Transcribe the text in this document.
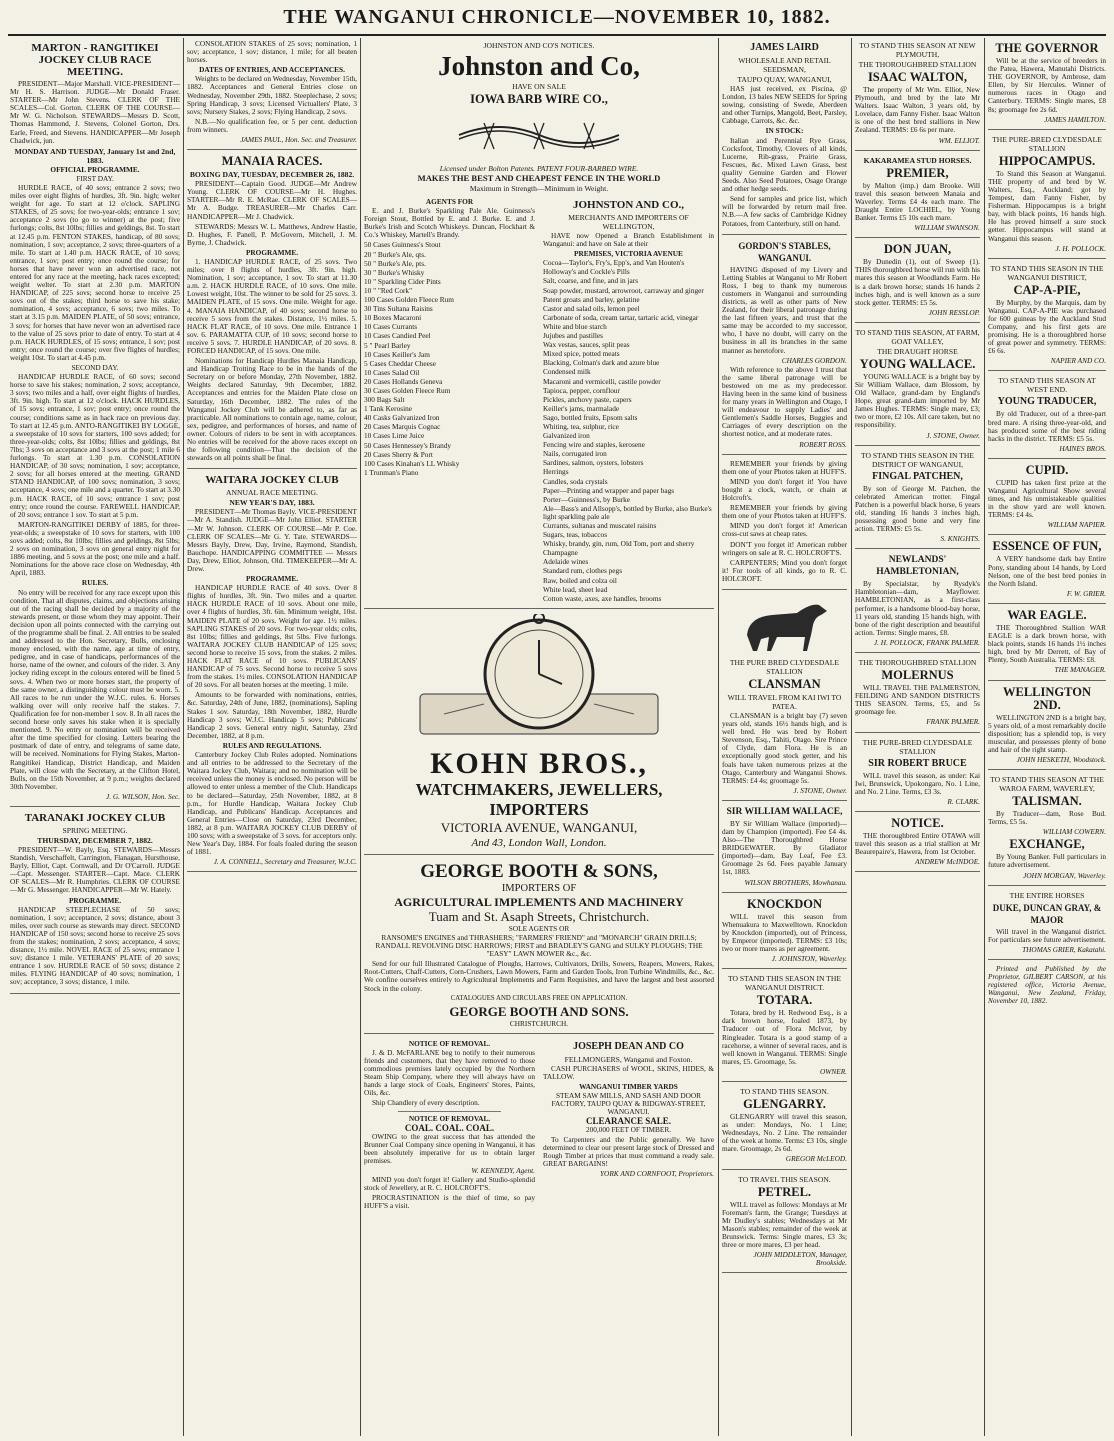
THE WANGANUI CHRONICLE—NOVEMBER 10, 1882.
MARTON - RANGITIKEI JOCKEY CLUB RACE MEETING.

PRESIDENT—Major Marshall. VICE-PRESIDENT—Mr H. S. Harrison. JUDGE—Mr Donald Fraser. STARTER—Mr John Stevens. CLERK OF THE SCALES—Col. Gorton. CLERK OF THE COURSE—Mr W. G. Nicholson. STEWARDS—Messrs D. Scott, Thomas Hammond, J. Stevens, Colonel Gorton, Drs. Earle, Freed, and Stevens. HANDICAPPER—Mr Joseph Chadwick, jun.

MONDAY AND TUESDAY, January 1st and 2nd, 1883.
OFFICIAL PROGRAMME.
FIRST DAY.

HURDLE RACE, of 40 sovs; entrance 2 sovs; two miles over eight flights of hurdles, 3ft. 9in. high; welter weight for age. To start at 12 o'clock. SAPLING STAKES, of 25 sovs; for two-year-olds; entrance 1 sov; acceptance 2 sovs (to go to winner) at the post; five furlongs; colts, 8st 10lbs; fillies and geldings, 8st. To start at 12.45 p.m. FENTON STAKES, handicap, of 80 sovs; nomination, 1 sov; acceptance, 2 sovs; three-quarters of a mile. To start at 1.40 p.m. HACK RACE, of 10 sovs; entrance, 1 sov; post entry; once round the course; for horses that have never won an advertised race, not entered for any race at the meeting, hack races excepted; weight welter. To start at 2.30 p.m. MARTON HANDICAP, of 225 sovs; second horse to receive 25 sovs out of the stakes; third horse to save his stake; nomination, 4 sovs; acceptance, 6 sovs; two miles. To start at 3.15 p.m. MAIDEN PLATE, of 50 sovs; entrance, 3 sovs; for horses that have never won an advertised race to the value of 25 sovs prior to date of entry. To start at 4 p.m. HACK HURDLES, of 15 sovs; entrance, 1 sov; post entry; once round the course; over five flights of hurdles; weight 10st. To start at 4.45 p.m.

SECOND DAY.

HANDICAP HURDLE RACE, of 60 sovs; second horse to save his stakes; nomination, 2 sovs; acceptance, 3 sovs; two miles and a half, over eight flights of hurdles, 3ft. 9in. high. To start at 12 o'clock. HACK HURDLES, of 15 sovs; entrance, 1 sov; post entry; once round the course; conditions same as in hack race on previous day. To start at 12.45 p.m. ANTO-RANGITIKEI BY LOGGE, a sweepstake of 10 sovs for starters, 100 sovs added; for three-year-olds; colts, 8st 10lbs; fillies and geldings, 8st 7lbs; 3 sovs on acceptance and 3 sovs at the post; 1 mile 6 furlongs. To start at 1.30 p.m. CONSOLATION HANDICAP, of 30 sovs; nomination, 1 sov; acceptance, 2 sovs; for all horses entered at the meeting. GRAND STAND HANDICAP, of 100 sovs; nomination, 3 sovs; acceptance, 4 sovs; one mile and a quarter. To start at 3.30 p.m. HACK RACE, of 10 sovs; entrance 1 sov; post entry; once round the course. FAREWELL HANDICAP, of 20 sovs; entrance 1 sov. To start at 5 p.m.

MARTON-RANGITIKEI DERBY of 1885, for three-year-olds; a sweepstake of 10 sovs for starters, with 100 sovs added; colts, 8st 10lbs; fillies and geldings, 8st 5lbs; 2 sovs on nomination, 3 sovs on general entry night for 1886 meeting, and 5 sovs at the post; one mile and a half. Nominations for the above race close on Wednesday, 4th April, 1883.

RULES.

No entry will be received for any race except upon this condition, That all disputes, claims, and objections arising out of the racing shall be decided by a majority of the stewards present, or those whom they may appoint. Their decision upon all points connected with the carrying out of the programme shall be final. 2. All entries to be sealed and addressed to the Hon. Secretary, Bulls, enclosing money enclosed, with the name, age at time of entry, pedigree, and in case of handicaps, performances of the horse, name of the owner, and colours of the rider. 3. Any jockey riding except in the colours entered will be fined 5 sovs. 4. When two or more horses start, the property of the same owner, a distinguishing colour must be worn. 5. All races to be run under the W.J.C. rules. 6. Horses walking over will only receive half the stakes. 7. Qualification fee for non-member 1 sov. 8. In all races the second horse only saves his stake when it is specially mentioned. 9. No entry or nomination will be received after the time specified for closing. Letters bearing the postmark of date of entry, and telegrams of same date, will be received. Nominations for Flying Stakes, Marton-Rangitikei Handicap, District Handicap, and Maiden Plate, will close with the Secretary, at the Clifton Hotel, Bulls, on the 15th November, at 9 p.m.; weights declared 30th November.

J. G. WILSON, Hon. Sec.
TARANAKI JOCKEY CLUB
SPRING MEETING.
THURSDAY, DECEMBER 7, 1882.

PRESIDENT—W. Bayly, Esq. STEWARDS—Messrs Standish, Verschaffelt, Carrington, Flanagan, Hursthouse, Bayly, Elliot, Capt. Cornwall, and Dr O'Carroll. JUDGE—Capt. Messenger. STARTER—Capt. Mace. CLERK OF SCALES—Mr R. Humphries. CLERK OF COURSE—Mr G. Messenger. HANDICAPPER—Mr W. Hately.

PROGRAMME.

HANDICAP STEEPLECHASE of 50 sovs; nomination, 1 sov; acceptance, 2 sovs; distance, about 3 miles, over such course as stewards may direct. SECOND HANDICAP of 150 sovs; second horse to receive 25 sovs from the stakes; nomination, 2 sovs; acceptance, 4 sovs; distance, 1½ mile. NOVEL RACE of 25 sovs; entrance 1 sov; distance 1 mile. VETERANS' PLATE of 20 sovs; entrance 1 sov. HURDLE RACE of 50 sovs; distance 2 miles. FLYING HANDICAP of 40 sovs; nomination, 1 sov; acceptance, 3 sovs; distance, 1 mile.

CONSOLATION STAKES of 25 sovs; nomination, 1 sov; acceptance, 1 sov; distance, 1 mile; for all beaten horses.

DATES OF ENTRIES, AND ACCEPTANCES.

Weights to be declared on Wednesday, November 15th, 1882. Acceptances and General Entries close on Wednesday, November 29th, 1882. Steeplechase, 2 sovs; Spring Handicap, 3 sovs; Licensed Victuallers' Plate, 3 sovs; Nursery Stakes, 2 sovs; Flying Handicap, 2 sovs.

N.B.—No qualification fee, or 5 per cent. deduction from winners.

JAMES PAUL, Hon. Sec. and Treasurer.
MANAIA RACES.
BOXING DAY, TUESDAY, DECEMBER 26, 1882.

PRESIDENT—Captain Good. JUDGE—Mr Andrew Young. CLERK OF COURSE—Mr H. Hughes. STARTER—Mr R. E. McRae. CLERK OF SCALES—Mr A. Budge. TREASURER—Mr Charles Carr. HANDICAPPER—Mr J. Chadwick.

STEWARDS: Messrs W. L. Matthews, Andrew Hastie, D. Hughes, F. Panell, P. McGovern, Mitchell, J. M. Byrne, J. Chadwick.

PROGRAMME.

1. HANDICAP HURDLE RACE, of 25 sovs. Two miles; over 8 flights of hurdles, 3ft. 9in. high. Nomination, 1 sov; acceptance, 1 sov. To start at 11.30 a.m. 2. HACK HURDLE RACE, of 10 sovs. One mile. Lowest weight, 10st. The winner to be sold for 25 sovs. 3. MAIDEN PLATE, of 15 sovs. One mile. Weight for age. 4. MANAIA HANDICAP, of 40 sovs; second horse to receive 5 sovs from the stakes. Distance, 1½ miles. 5. HACK FLAT RACE, of 10 sovs. One mile. Entrance 1 sov. 6. PARAMATTA CUP, of 10 sovs; second horse to receive 5 sovs. 7. HURDLE HANDICAP, of 20 sovs. 8. FORCED HANDICAP, of 15 sovs. One mile.

Nominations for Handicap Hurdles Manaia Handicap, and Handicap Trotting Race to be in the hands of the Secretary on or before Monday, 27th November, 1882. Weights declared Saturday, 9th December, 1882. Acceptances and entries for the Maiden Plate close on Saturday, 16th December, 1882. The rules of the Wanganui Jockey Club will be adhered to, as far as practicable. All nominations to contain age, name, colour, sex, pedigree, and performances of horses, and name of owner. Colours of riders to be sent in with acceptances. No entries will be received for the above races except on the following condition—That the decision of the stewards on all points shall be final.

WAITARA JOCKEY CLUB
ANNUAL RACE MEETING.
NEW YEAR'S DAY, 1883.

PRESIDENT—Mr Thomas Bayly. VICE-PRESIDENT—Mr A. Standish. JUDGE—Mr John Elliot. STARTER—Mr W. Johnson. CLERK OF COURSE—Mr P. Coe. CLERK OF SCALES—Mr G. Y. Tate. STEWARDS—Messrs Bayly, Drew, Day, Irvine, Raymond, Standish, Bauchope. HANDICAPPING COMMITTEE — Messrs Day, Drew, Elliot, Johnson, Old. TIMEKEEPER—Mr A. Drew.

PROGRAMME.

HANDICAP HURDLE RACE of 40 sovs. Over 8 flights of hurdles, 3ft. 9in. Two miles and a quarter. HACK HURDLE RACE of 10 sovs. About one mile, over 4 flights of hurdles, 3ft. 6in. Minimum weight, 10st. MAIDEN PLATE of 20 sovs. Weight for age. 1½ miles. SAPLING STAKES of 20 sovs. For two-year olds; colts, 8st 10lbs; fillies and geldings, 8st 5lbs. Five furlongs. WAITARA JOCKEY CLUB HANDICAP of 125 sovs; second horse to receive 15 sovs, from the stakes. 2 miles. HACK FLAT RACE of 10 sovs. PUBLICANS' HANDICAP of 75 sovs. Second horse to receive 5 sovs from the stakes. 1½ miles. CONSOLATION HANDICAP of 20 sovs. For all beaten horses at the meeting. 1 mile.

Amounts to be forwarded with nominations, entries, &c. Saturday, 24th of June, 1882, (nominations), Sapling Stakes 1 sov. Saturday, 18th November, 1882, Hurdle Handicap 3 sovs; W.J.C. Handicap 5 sovs; Publicans' Handicap 2 sovs. General entry night, Saturday, 23rd December, 1882, at 8 p.m.

RULES AND REGULATIONS.

Canterbury Jockey Club Rules adopted. Nominations and all entries to be addressed to the Secretary of the Waitara Jockey Club, Waitara; and no nomination will be received unless the money is enclosed. No person will be allowed to enter unless a member of the Club. Handicaps to be declared—Saturday, 25th November, 1882, at 8 p.m., for Hurdle Handicap, Waitara Jockey Club Handicap, and Publicans' Handicap. Acceptances and General Entries—Close on Saturday, 23rd December, 1882, at 8 p.m. WAITARA JOCKEY CLUB DERBY of 100 sovs; with a sweepstake of 3 sovs. for acceptors only. New Year's Day, 1884. For foals foaled during the season of 1881.

J. A. CONNELL, Secretary and Treasurer, W.J.C.
JOHNSTON AND CO'S NOTICES.
Johnston and Co,
HAVE ON SALE
IOWA BARB WIRE CO.,
Licensed under Bolton Patents. PATENT FOUR-BARBED WIRE.
MAKES THE BEST AND CHEAPEST FENCE IN THE WORLD
Maximum in Strength—Minimum in Weight.
AGENTS FOR

E. and J. Burke's Sparkling Pale Ale. Guinness's Foreign Stout, Bottled by E. and J. Burke. E. and J. Burke's Irish and Scotch Whiskeys. Duncan, Flockhart & Co.'s Whiskey, Martell's Brandy.

50 Cases Guinness's Stout
20 " Burke's Ale, qts.
50 " Burke's Ale, pts.
30 " Burke's Whisky
10 " Sparkling Cider Pints
10 " "Red Cork"
100 Cases Golden Fleece Rum
30 Tins Sultana Raisins
10 Boxes Macaroni
10 Cases Currants
10 Cases Candied Peel
5 " Pearl Barley
10 Cases Keiller's Jam
5 Cases Cheddar Cheese
10 Cases Salad Oil
20 Cases Hollands Geneva
30 Cases Golden Fleece Rum
300 Bags Salt
1 Tank Kerosine
40 Casks Galvanized Iron
20 Cases Marquis Cognac
10 Cases Lime Juice
50 Cases Hennessey's Brandy
20 Cases Sherry & Port
100 Cases Kinahan's LL Whisky
1 Trunman's Piano
JOHNSTON AND CO.,
MERCHANTS AND IMPORTERS OF WELLINGTON,

HAVE now Opened a Branch Establishment in Wanganui: and have on Sale at their

PREMISES, VICTORIA AVENUE
Cocoa—Taylor's, Fry's, Epp's, and Van Houten's
Holloway's and Cockle's Pills
Salt, coarse, and fine, and in jars
Soap powder, mustard, arrowroot, carraway and ginger
Patent groats and barley, gelatine
Castor and salad oils, lemon peel
Carbonate of soda, cream tartar, tartaric acid, vinegar
White and blue starch
Jujubes and pastilles
Wax vestas, sauces, split peas
Mixed spice, potted meats
Blacking, Colman's dark and azure blue
Condensed milk
Macaroni and vermicelli, castile powder
Tapioca, pepper, cornflour
Pickles, anchovy paste, capers
Keiller's jams, marmalade
Sago, bottled fruits, Epsom salts
Whiting, tea, sulphur, rice
Galvanized iron
Fencing wire and staples, kerosene
Nails, corrugated iron
Sardines, salmon, oysters, lobsters
Herrings
Candles, soda crystals
Paper—Printing and wrapper and paper bags
Porter—Guinness's, by Burke
Ale—Bass's and Allsopp's, bottled by Burke, also Burke's light sparkling pale ale
Currants, sultanas and muscatel raisins
Sugars, teas, tobaccos
Whisky, brandy, gin, rum, Old Tom, port and sherry
Champagne
Adelaide wines
Standard rum, clothes pegs
Raw, boiled and colza oil
White lead, sheet lead
Cotton waste, axes, axe handles, brooms
KOHN BROS.,
WATCHMAKERS, JEWELLERS, IMPORTERS
VICTORIA AVENUE, WANGANUI,
And 43, London Wall, London.
GEORGE BOOTH & SONS,
IMPORTERS OF
AGRICULTURAL IMPLEMENTS AND MACHINERY
Tuam and St. Asaph Streets, Christchurch.
SOLE AGENTS OR

RANSOME'S ENGINES and THRASHERS; "FARMERS' FRIEND" and "MONARCH" GRAIN DRILLS; RANDALL REVOLVING DISC HARROWS; FIRST and BRADLEY'S GANG and SULKY PLOUGHS; THE "EASY" LAWN MOWER &c., &c.

Send for our full Illustrated Catalogue of Ploughs, Harrows, Cultivators, Drills, Sowers, Reapers, Mowers, Rakes, Root-Cutters, Chaff-Cutters, Corn-Crushers, Lawn Mowers, Farm and Garden Tools, Iron Turbine Windmills, &c., &c. We confine ourselves entirely to Agricultural Implements and Farm Requisites, and have the largest and best assorted Stock in the colony.

CATALOGUES AND CIRCULARS FREE ON APPLICATION.
GEORGE BOOTH AND SONS.
CHRISTCHURCH.
NOTICE OF REMOVAL.

J. & D. McFARLANE beg to notify to their numerous friends and customers, that they have removed to those commodious premises lately occupied by the Northern Steam Ship Company, where they will always have on hands a large stock of Coals, Engineers' Stores, Paints, Oils, &c.

Ship Chandlery of every description.

NOTICE OF REMOVAL.
COAL. COAL. COAL.

OWING to the great success that has attended the Brunner Coal Company since opening in Wanganui, it has been absolutely imperative for us to obtain larger premises.

W. KENNEDY, Agent.

MIND you don't forget it! Gallery and Studio-splendid stock of Jewellery, at R. C. HOLCROFT'S.

PROCRASTINATION is the thief of time, so pay HUFF'S a visit.

JOSEPH DEAN AND CO
FELLMONGERS, Wanganui and Foxton.

CASH PURCHASERS of WOOL, SKINS, HIDES, & TALLOW.

WANGANUI TIMBER YARDS
STEAM SAW MILLS, AND SASH AND DOOR FACTORY, TAUPO QUAY & RIDGWAY-STREET, WANGANUI.
CLEARANCE SALE.
200,000 FEET OF TIMBER.

To Carpenters and the Public generally. We have determined to clear our present large stock of Dressed and Rough Timber at prices that must command a ready sale. GREAT BARGAINS!

YORK AND CORNFOOT, Proprietors.
JAMES LAIRD
WHOLESALE AND RETAIL SEEDSMAN,
TAUPO QUAY, WANGANUI,

HAS just received, ex Piscina, @ London, 13 bales NEW SEEDS for Spring sowing, consisting of Swede, Aberdeen and other Turnips, Mangold, Beet, Parsley, Cabbage, Carrots, &c. &c.

IN STOCK:

Italian and Perennial Rye Grass, Cocksfoot, Timothy, Clovers of all kinds, Lucerne, Rib-grass, Prairie Grass, Fescues, &c. Mixed Lawn Grass, best quality Genuine Garden and Flower Seeds. Also Seed Potatoes, Osage Orange and other hedge seeds.

Send for samples and price list, which will be forwarded by return mail free. N.B.—A few sacks of Cambridge Kidney Potatoes, from Canterbury, still on hand.

GORDON'S STABLES, WANGANUI.

HAVING disposed of my Livery and Letting Stables at Wanganui to Mr Robert Ross, I beg to thank my numerous customers in Wanganui and surrounding districts, as well as other parts of New Zealand, for their liberal patronage during the last fifteen years, and trust that the same may be accorded to my successor, who, I have no doubt, will carry on the business in all its branches in the same manner as heretofore.

CHARLES GORDON.

With reference to the above I trust that the same liberal patronage will be bestowed on me as my predecessor. Having been in the same kind of business for many years in Wellington and Otago, I will endeavour to supply Ladies' and Gentlemen's Saddle Horses, Buggies and Carriages of every description on the shortest notice, and at moderate rates.

ROBERT ROSS.

REMEMBER your friends by giving them one of your Photos taken at HUFF'S.

MIND you don't forget it! You have bought a clock, watch, or chain at Holcroft's.

REMEMBER your friends by giving them one of your Photos taken at HUFF'S.

MIND you don't forget it! American cross-cut saws at cheap rates.

DON'T you forget it! American rubber wringers on sale at R. C. HOLCROFT'S.

CARPENTERS; Mind you don't forget it! For tools of all kinds, go to R. C. HOLCROFT.

THE PURE BRED CLYDESDALE STALLION
CLANSMAN
WILL TRAVEL FROM KAI IWI TO PATEA.

CLANSMAN is a bright bay (7) seven years old, stands 16½ hands high, and is well bred. He was bred by Robert Stevenson, Esq., Tahiti, Otago. Sire Prince of Clyde, dam Flora. He is an exceptionally good stock getter, and his foals have taken numerous prizes at the Otago, Canterbury and Wanganui Shows. TERMS: £4 4s; groomage 5s.

J. STONE, Owner.
SIR WILLIAM WALLACE,

BY Sir William Wallace (imported)—dam by Champion (imported). Fee £4 4s. Also—The Thoroughbred Horse BRIDGEWATER. By Gladiator (imported)—dam, Bay Leaf, Fee £3. Groomage 2s 6d. Fees payable January 1st, 1883.

WILSON BROTHERS, Mowhanau.
KNOCKDON

WILL travel this season from Whenuakura to Maxwelltown. Knockdon by Knockdon (imported), out of Princess, by Emperor (imported). TERMS: £3 10s; two or more mares as per agreement.

J. JOHNSTON, Waverley.
TO STAND THIS SEASON IN THE WANGANUI DISTRICT.
TOTARA.

Totara, bred by H. Redwood Esq., is a dark brown horse, foaled 1873, by Traducer out of Flora McIvor, by Ringleader. Totara is a good stamp of a racehorse, a winner of several races, and is well known in Wanganui. TERMS: Single mares, £5. Groomage, 5s.

OWNER.
TO STAND THIS SEASON.
GLENGARRY.

GLENGARRY will travel this season, as under: Mondays, No. 1 Line; Wednesdays, No. 2 Line. The remainder of the week at home. Terms: £3 10s, single mare. Groomage, 2s 6d.

GREGOR McLEOD.
TO TRAVEL THIS SEASON.
PETREL.

WILL travel as follows: Mondays at Mr Foreman's farm, the Grange; Tuesdays at Mr Dudley's stables; Wednesdays at Mr Mason's stables; remainder of the week at Brunswick. Terms: Single mares, £3 3s; three or more mares, £3 per head.

JOHN MIDDLETON, Manager, Brookside.
TO STAND THIS SEASON AT NEW PLYMOUTH,
THE THOROUGHBRED STALLION
ISAAC WALTON,

The property of Mr Wm. Elliot, New Plymouth, and bred by the late Mr Walters. Isaac Walton, 3 years old, by Lovelace, dam Fanny Fisher. Isaac Walton is one of the best bred stallions in New Zealand. TERMS: £6 6s per mare.

WM. ELLIOT.
KAKARAMEA STUD HORSES.
PREMIER,

by Malton (imp.) dam Brooke. Will travel this season between Manaia and Waverley. Terms £4 4s each mare. The Draught Entire LOCHIEL, by Young Banker. Terms £5 10s each mare.

WILLIAM SWANSON.
DON JUAN,

By Dunedin (1), out of Sweep (1). THIS thoroughbred horse will run with his mares this season at Woodlands Farm. He is a dark brown horse; stands 16 hands 2 inches high, and is well known as a sure stock getter. TERMS: £5 5s.

JOHN RESSLOP.
TO STAND THIS SEASON, AT FARM, GOAT VALLEY,
THE DRAUGHT HORSE
YOUNG WALLACE.

YOUNG WALLACE is a bright bay by Sir William Wallace, dam Blossom, by Old Wallace, grand-dam by England's Hope, great grand-dam imported by Mr James Hughes. TERMS: Single mare, £3; two or more, £2 10s. All care taken, but no responsibility.

J. STONE, Owner.
TO STAND THIS SEASON IN THE DISTRICT OF WANGANUI,
FINGAL PATCHEN,

By son of George M. Patchen, the celebrated American trotter. Fingal Patchen is a powerful black horse, 6 years old, standing 16 hands 3 inches high, possessing good bone and very fine action. TERMS: £5 5s.

S. KNIGHTS.
NEWLANDS' HAMBLETONIAN,

By Specialstar, by Rysdyk's Hambletonian—dam, Mayflower. HAMBLETONIAN, as a first-class performer, is a handsome blood-bay horse, 11 years old, standing 15 hands high, with bone of the right description and beautiful action. Terms: Single mares, £8.

J. H. POLLOCK, FRANK PALMER.
THE THOROUGHBRED STALLION
MOLERNUS

WILL TRAVEL THE PALMERSTON, FEILDING AND SANDON DISTRICTS THIS SEASON. Terms, £5, and 5s groomage fee.

FRANK PALMER.
THE PURE-BRED CLYDESDALE STALLION
SIR ROBERT BRUCE

WILL travel this season, as under: Kai Iwi, Brunswick, Upokongaro, No. 1 Line, and No. 2 Line. Terms, £3 3s.

R. CLARK.
NOTICE.

THE thoroughbred Entire OTAWA will travel this season as a trial stallion at Mr Beaurepaire's, Hawera, from 1st October.

ANDREW McINDOE.
THE GOVERNOR

Will be at the service of breeders in the Patea, Hawera, Manutahi Districts. THE GOVERNOR, by Ambrose, dam Ellen, by Sir Hercules. Winner of numerous races in Otago and Canterbury. TERMS: Single mares, £8 8s; groomage fee 2s 6d.

JAMES HAMILTON.
THE PURE-BRED CLYDESDALE STALLION
HIPPOCAMPUS.

To Stand this Season at Wanganui. THE property of and bred by W. Walters, Esq., Auckland; got by Tempest, dam Fanny Fisher, by Fisherman. Hippocampus is a bright bay, with black points, 16 hands high. He has proved himself a sure stock getter. Hippocampus will stand at Wanganui this season.

J. H. POLLOCK.
TO STAND THIS SEASON IN THE WANGANUI DISTRICT,
CAP-A-PIE,

By Murphy, by the Marquis, dam by Wanganui. CAP-A-PIE was purchased for 600 guineas by the Auckland Stud Company, and his first gets are promising. He is a thoroughbred horse of great power and symmetry. TERMS: £6 6s.

NAPIER AND CO.
TO STAND THIS SEASON AT WEST END.
YOUNG TRADUCER,

By old Traducer, out of a three-part bred mare. A rising three-year-old, and has produced some of the best riding hacks in the district. TERMS: £5 5s.

HAINES BROS.
CUPID.

CUPID has taken first prize at the Wanganui Agricultural Show several times, and his unmistakeable qualities in the show yard are well known. TERMS: £4 4s.

WILLIAM NAPIER.
ESSENCE OF FUN,

A VERY handsome dark bay Entire Pony, standing about 14 hands, by Lord Nelson, one of the best bred ponies in the North Island.

F. W. GRIER.
WAR EAGLE.

THE Thoroughbred Stallion WAR EAGLE is a dark brown horse, with black points, stands 16 hands 1½ inches high, bred by Mr Derrett, of Bay of Plenty, South Australia. TERMS: £8.

THE MANAGER.
WELLINGTON 2ND.

WELLINGTON 2ND is a bright bay, 5 years old, of a most remarkably docile disposition; has a splendid top, is very muscular, and possesses plenty of bone and hair of the right stamp.

JOHN HESKETH, Woodstock.
TO STAND THIS SEASON AT THE WAROA FARM, WAVERLEY,
TALISMAN.

By Traducer—dam, Rose Bud. Terms, £5 5s.

WILLIAM COWERN.
EXCHANGE,

By Young Banker. Full particulars in future advertisement.

JOHN MORGAN, Waverley.
THE ENTIRE HORSES
DUKE, DUNCAN GRAY, & MAJOR

Will travel in the Wanganui district. For particulars see future advertisement.

THOMAS GRIER, Kakatahi.

Printed and Published by the Proprietor, GILBERT CARSON, at his registered office, Victoria Avenue, Wanganui, New Zealand, Friday, November 10, 1882.
